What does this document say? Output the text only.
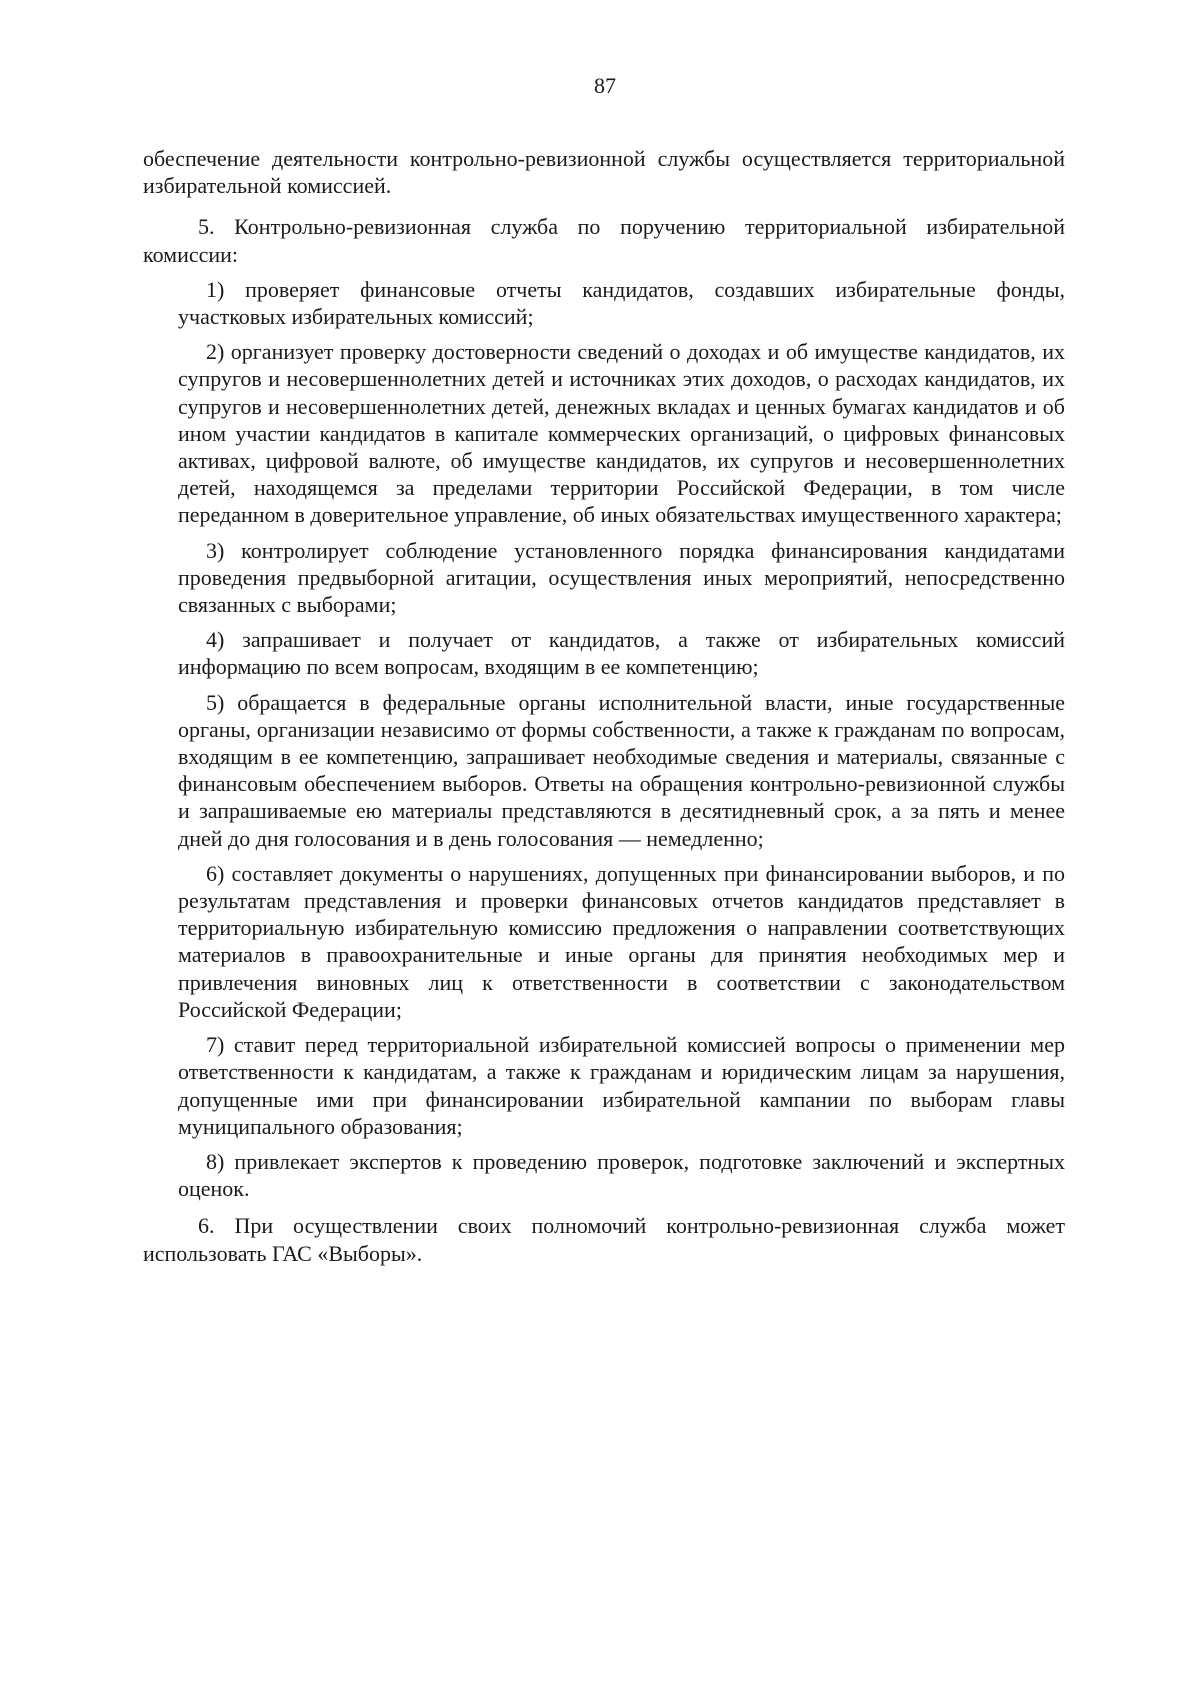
87

обеспечение деятельности контрольно-ревизионной службы осуществляется территориальной избирательной комиссией.

5. Контрольно-ревизионная служба по поручению территориальной избирательной комиссии:

1) проверяет финансовые отчеты кандидатов, создавших избирательные фонды, участковых избирательных комиссий;

2) организует проверку достоверности сведений о доходах и об имуществе кандидатов, их супругов и несовершеннолетних детей и источниках этих доходов, о расходах кандидатов, их супругов и несовершеннолетних детей, денежных вкладах и ценных бумагах кандидатов и об ином участии кандидатов в капитале коммерческих организаций, о цифровых финансовых активах, цифровой валюте, об имуществе кандидатов, их супругов и несовершеннолетних детей, находящемся за пределами территории Российской Федерации, в том числе переданном в доверительное управление, об иных обязательствах имущественного характера;

3) контролирует соблюдение установленного порядка финансирования кандидатами проведения предвыборной агитации, осуществления иных мероприятий, непосредственно связанных с выборами;

4) запрашивает и получает от кандидатов, а также от избирательных комиссий информацию по всем вопросам, входящим в ее компетенцию;

5) обращается в федеральные органы исполнительной власти, иные государственные органы, организации независимо от формы собственности, а также к гражданам по вопросам, входящим в ее компетенцию, запрашивает необходимые сведения и материалы, связанные с финансовым обеспечением выборов. Ответы на обращения контрольно-ревизионной службы и запрашиваемые ею материалы представляются в десятидневный срок, а за пять и менее дней до дня голосования и в день голосования — немедленно;

6) составляет документы о нарушениях, допущенных при финансировании выборов, и по результатам представления и проверки финансовых отчетов кандидатов представляет в территориальную избирательную комиссию предложения о направлении соответствующих материалов в правоохранительные и иные органы для принятия необходимых мер и привлечения виновных лиц к ответственности в соответствии с законодательством Российской Федерации;

7) ставит перед территориальной избирательной комиссией вопросы о применении мер ответственности к кандидатам, а также к гражданам и юридическим лицам за нарушения, допущенные ими при финансировании избирательной кампании по выборам главы муниципального образования;

8) привлекает экспертов к проведению проверок, подготовке заключений и экспертных оценок.

6. При осуществлении своих полномочий контрольно-ревизионная служба может использовать ГАС «Выборы».
